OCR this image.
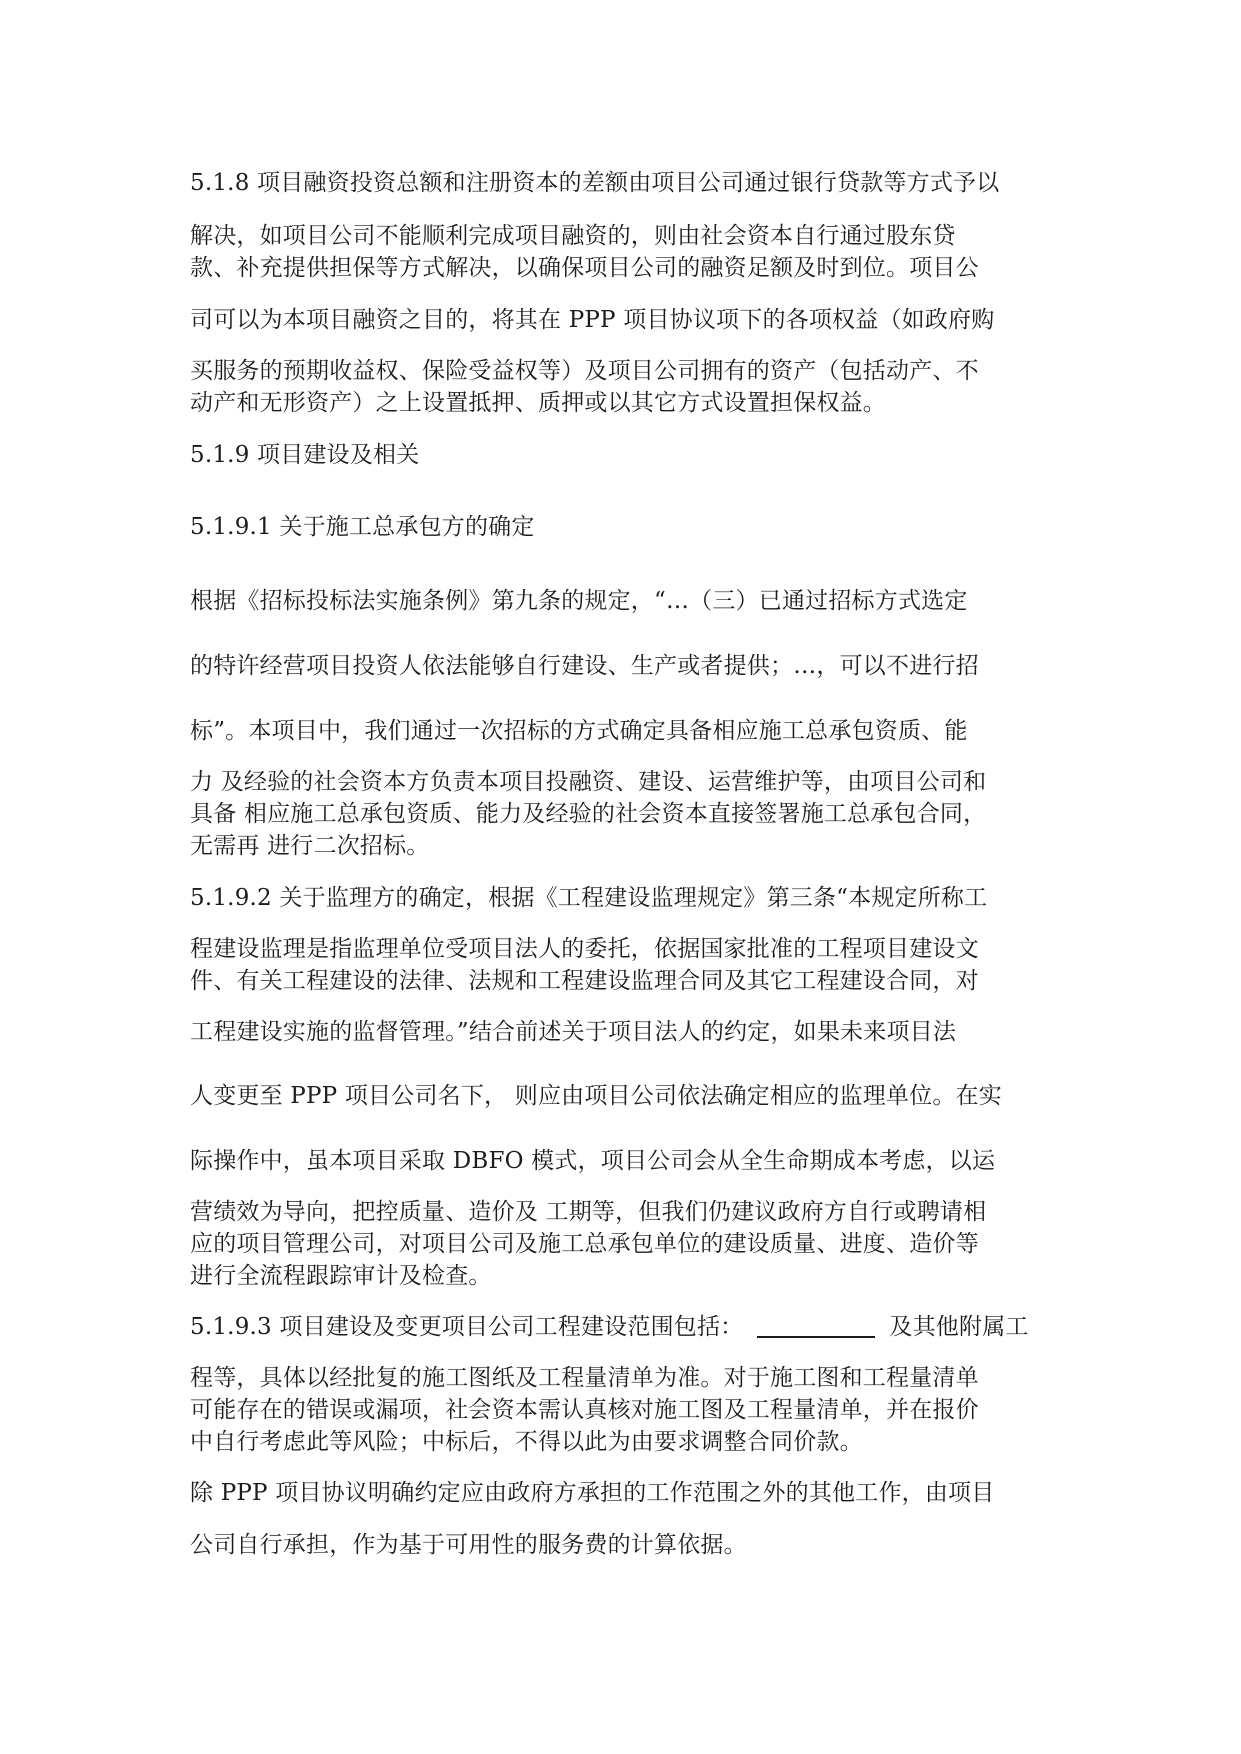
5.1.8 项目融资投资总额和注册资本的差额由项目公司通过银行贷款等方式予以
解决，如项目公司不能顺利完成项目融资的，则由社会资本自行通过股东贷
款、补充提供担保等方式解决，以确保项目公司的融资足额及时到位。项目公
司可以为本项目融资之目的，将其在 PPP 项目协议项下的各项权益（如政府购
买服务的预期收益权、保险受益权等）及项目公司拥有的资产（包括动产、不
动产和无形资产）之上设置抵押、质押或以其它方式设置担保权益。
5.1.9 项目建设及相关
5.1.9.1 关于施工总承包方的确定
根据《招标投标法实施条例》第九条的规定，“…（三）已通过招标方式选定
的特许经营项目投资人依法能够自行建设、生产或者提供；…，可以不进行招
标”。本项目中，我们通过一次招标的方式确定具备相应施工总承包资质、能
力 及经验的社会资本方负责本项目投融资、建设、运营维护等，由项目公司和
具备 相应施工总承包资质、能力及经验的社会资本直接签署施工总承包合同，
无需再 进行二次招标。
5.1.9.2 关于监理方的确定，根据《工程建设监理规定》第三条“本规定所称工
程建设监理是指监理单位受项目法人的委托，依据国家批准的工程项目建设文
件、有关工程建设的法律、法规和工程建设监理合同及其它工程建设合同，对
工程建设实施的监督管理。”结合前述关于项目法人的约定，如果未来项目法
人变更至 PPP 项目公司名下， 则应由项目公司依法确定相应的监理单位。在实
际操作中，虽本项目采取 DBFO 模式，项目公司会从全生命期成本考虑，以运
营绩效为导向，把控质量、造价及 工期等，但我们仍建议政府方自行或聘请相
应的项目管理公司，对项目公司及施工总承包单位的建设质量、进度、造价等
进行全流程跟踪审计及检查。
5.1.9.3 项目建设及变更项目公司工程建设范围包括：	及其他附属工
程等，具体以经批复的施工图纸及工程量清单为准。对于施工图和工程量清单
可能存在的错误或漏项，社会资本需认真核对施工图及工程量清单，并在报价
中自行考虑此等风险；中标后，不得以此为由要求调整合同价款。
除 PPP 项目协议明确约定应由政府方承担的工作范围之外的其他工作，由项目
公司自行承担，作为基于可用性的服务费的计算依据。
